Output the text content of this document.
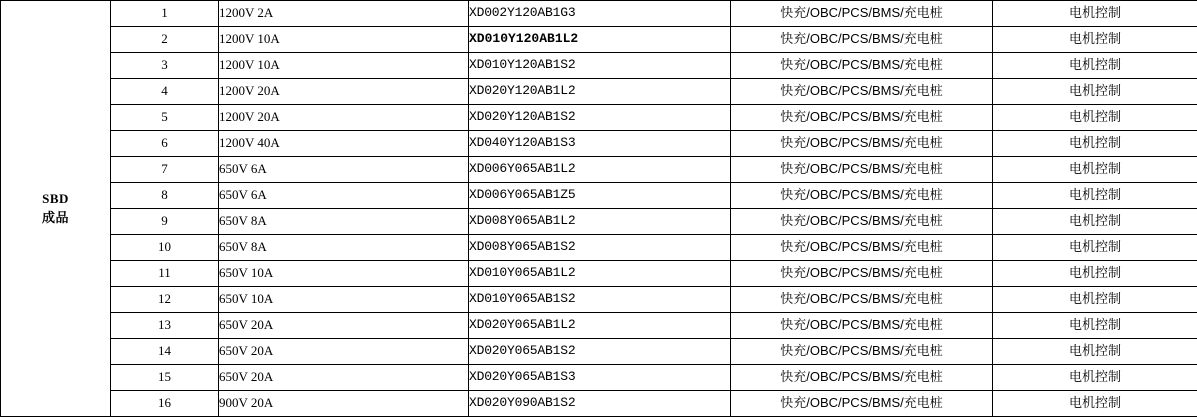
SBD
成品	1	1200V 2A	XD002Y120AB1G3	快充/OBC/PCS/BMS/充电桩	电机控制
	2	1200V 10A	XD010Y120AB1L2	快充/OBC/PCS/BMS/充电桩	电机控制
	3	1200V 10A	XD010Y120AB1S2	快充/OBC/PCS/BMS/充电桩	电机控制
	4	1200V 20A	XD020Y120AB1L2	快充/OBC/PCS/BMS/充电桩	电机控制
	5	1200V 20A	XD020Y120AB1S2	快充/OBC/PCS/BMS/充电桩	电机控制
	6	1200V 40A	XD040Y120AB1S3	快充/OBC/PCS/BMS/充电桩	电机控制
	7	650V 6A	XD006Y065AB1L2	快充/OBC/PCS/BMS/充电桩	电机控制
	8	650V 6A	XD006Y065AB1Z5	快充/OBC/PCS/BMS/充电桩	电机控制
	9	650V 8A	XD008Y065AB1L2	快充/OBC/PCS/BMS/充电桩	电机控制
	10	650V 8A	XD008Y065AB1S2	快充/OBC/PCS/BMS/充电桩	电机控制
	11	650V 10A	XD010Y065AB1L2	快充/OBC/PCS/BMS/充电桩	电机控制
	12	650V 10A	XD010Y065AB1S2	快充/OBC/PCS/BMS/充电桩	电机控制
	13	650V 20A	XD020Y065AB1L2	快充/OBC/PCS/BMS/充电桩	电机控制
	14	650V 20A	XD020Y065AB1S2	快充/OBC/PCS/BMS/充电桩	电机控制
	15	650V 20A	XD020Y065AB1S3	快充/OBC/PCS/BMS/充电桩	电机控制
	16	900V 20A	XD020Y090AB1S2	快充/OBC/PCS/BMS/充电桩	电机控制
